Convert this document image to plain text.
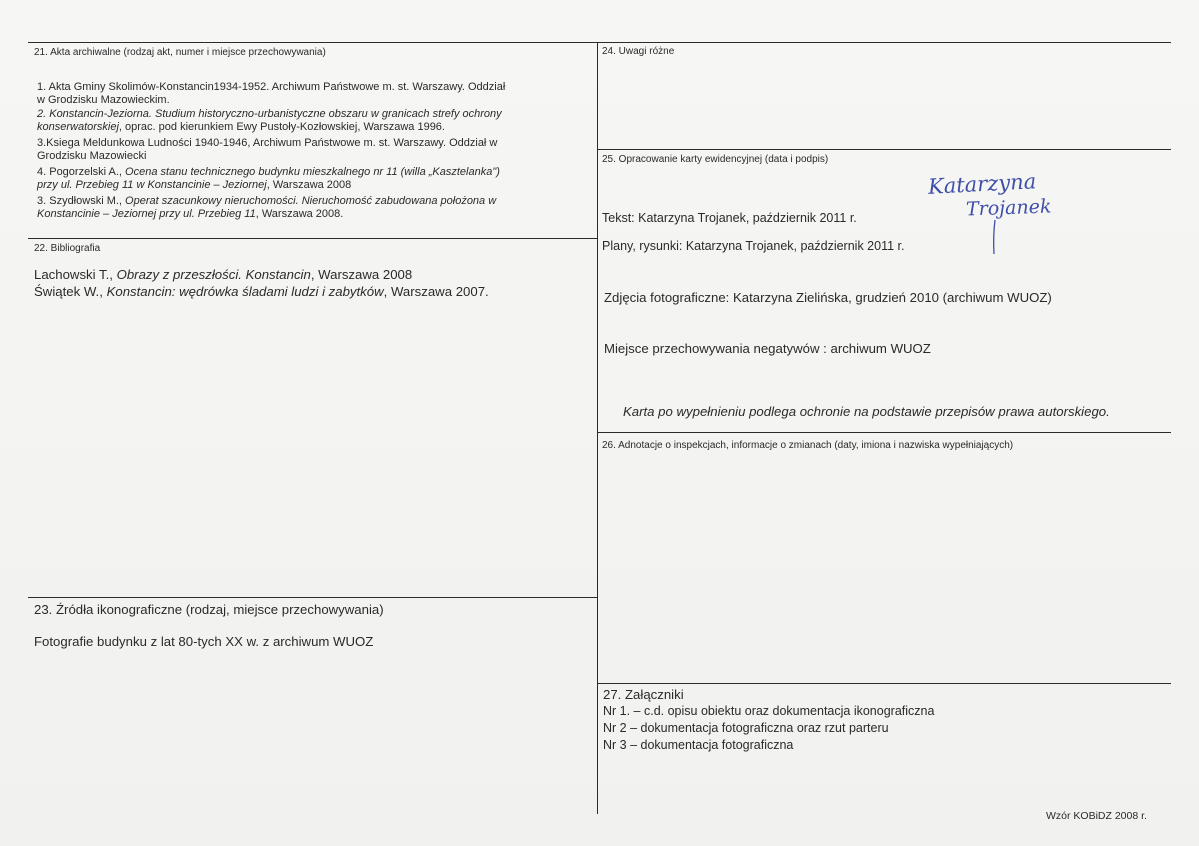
21. Akta archiwalne (rodzaj akt, numer i miejsce przechowywania)
1. Akta Gminy Skolimów-Konstancin1934-1952. Archiwum Państwowe m. st. Warszawy. Oddział
w Grodzisku Mazowieckim.
2. Konstancin-Jeziorna. Studium historyczno-urbanistyczne obszaru w granicach strefy ochrony
konserwatorskiej, oprac. pod kierunkiem Ewy Pustoły-Kozłowskiej, Warszawa 1996.
3.Ksiega Meldunkowa Ludności 1940-1946, Archiwum Państwowe m. st. Warszawy. Oddział w
Grodzisku Mazowiecki
4. Pogorzelski A., Ocena stanu technicznego budynku mieszkalnego nr 11 (willa „Kasztelanka")
przy ul. Przebieg 11 w Konstancinie – Jeziornej, Warszawa 2008
3. Szydłowski M., Operat szacunkowy nieruchomości. Nieruchomość zabudowana położona w
Konstancinie – Jeziornej przy ul. Przebieg 11, Warszawa 2008.
22. Bibliografia
Lachowski T., Obrazy z przeszłości. Konstancin, Warszawa 2008
Świątek W., Konstancin: wędrówka śladami ludzi i zabytków, Warszawa 2007.
23. Źródła ikonograficzne (rodzaj, miejsce przechowywania)
Fotografie budynku z lat 80-tych XX w. z archiwum WUOZ
24. Uwagi różne
25. Opracowanie karty ewidencyjnej (data i podpis)
Tekst: Katarzyna Trojanek, październik 2011 r.
Plany, rysunki: Katarzyna Trojanek, październik 2011 r.
Zdjęcia fotograficzne: Katarzyna Zielińska, grudzień 2010 (archiwum WUOZ)
Miejsce przechowywania negatywów : archiwum WUOZ
Karta po wypełnieniu podlega ochronie na podstawie przepisów prawa autorskiego.
Katarzyna
Trojanek
26. Adnotacje o inspekcjach, informacje o zmianach (daty, imiona i nazwiska wypełniających)
27. Załączniki
Nr 1. – c.d. opisu obiektu oraz dokumentacja ikonograficzna
Nr 2 – dokumentacja fotograficzna oraz rzut parteru
Nr 3 – dokumentacja fotograficzna
Wzór KOBiDZ 2008 r.
